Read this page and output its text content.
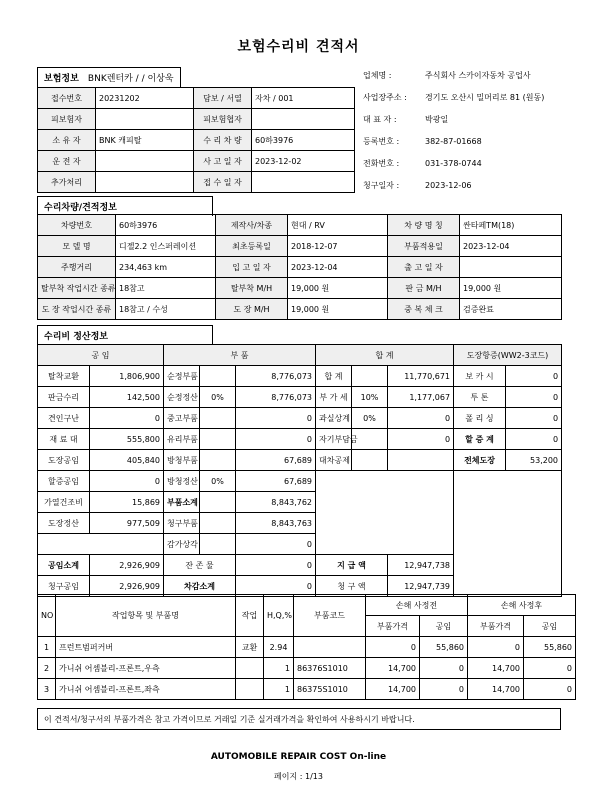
보험수리비 견적서
보험정보 BNK렌터카 / / 이상욱
접수번호	20231202	담보 / 서열	자차 / 001
피보험자		피보험협자	
소 유 자	BNK 캐피탈	수 리 차 량	60하3976
운 전 자		사 고 일 자	2023-12-02
추가처리		접 수 일 자	
업체명 :	주식회사 스카이자동차 공업사
사업장주소 :	경기도 오산시 밀머리로 81 (원동)
대 표 자 :	박광일
등록번호 :	382-87-01668
전화번호 :	031-378-0744
청구일자 :	2023-12-06
수리차량/견적정보
차량번호	60하3976	제작사/차종	현대 / RV	차 량 명 칭	싼타페TM(18)
모 델 명	디젤2.2 인스퍼레이션	최초등록일	2018-12-07	부품적용일	2023-12-04
주행거리	234,463 km	입 고 일 자	2023-12-04	출 고 일 자	
탈부착 작업시간 종류	18참고	탈부착 M/H	19,000 원	판 금 M/H	19,000 원
도 장 작업시간 종류	18참고 / 수성	도 장 M/H	19,000 원	중 복 체 크	검증완료
수리비 정산정보
공 임		부 품			합 계			도장항증(WW2-3코드)	
탈착교환	1,806,900	순정부품		8,776,073	합 계		11,770,671	보 카 시	0
판금수리	142,500	순정정산	0%	8,776,073	부 가 세	10%	1,177,067	투 톤	0
견인구난	0	중고부품		0	과실상계	0%	0	폴 리 싱	0
재 료 대	555,800	유리부품		0	자기부담금		0	할 증 계	0
도장공임	405,840	방청부품		67,689	대차공제			전체도장	53,200
할증공임	0	방청정산	0%	67,689					
가열건조비	15,869	부품소계		8,843,762					
도장정산	977,509	청구부품		8,843,763					
		감가상각		0					
공임소계	2,926,909	잔 존 물		0	지 급 액		12,947,738		
청구공임	2,926,909	차감소계		0	청 구 액		12,947,739		
NO	작업항목 및 부품명	작업	H,Q,%	부품코드	손해 사정전		손해 사정후	
					부품가격	공임	부품가격	공임
1	프런트범퍼커버	교환	2.94		0	55,860	0	55,860
2	가니쉬 어셈블리-프론트,우측		1	86376S1010	14,700	0	14,700	0
3	가니쉬 어셈블리-프론트,좌측		1	86375S1010	14,700	0	14,700	0
이 견적서/청구서의 부품가격은 참고 가격이므로 거래일 기준 실거래가격을 확인하여 사용하시기 바랍니다.
AUTOMOBILE REPAIR COST On-line
페이지 : 1/13
